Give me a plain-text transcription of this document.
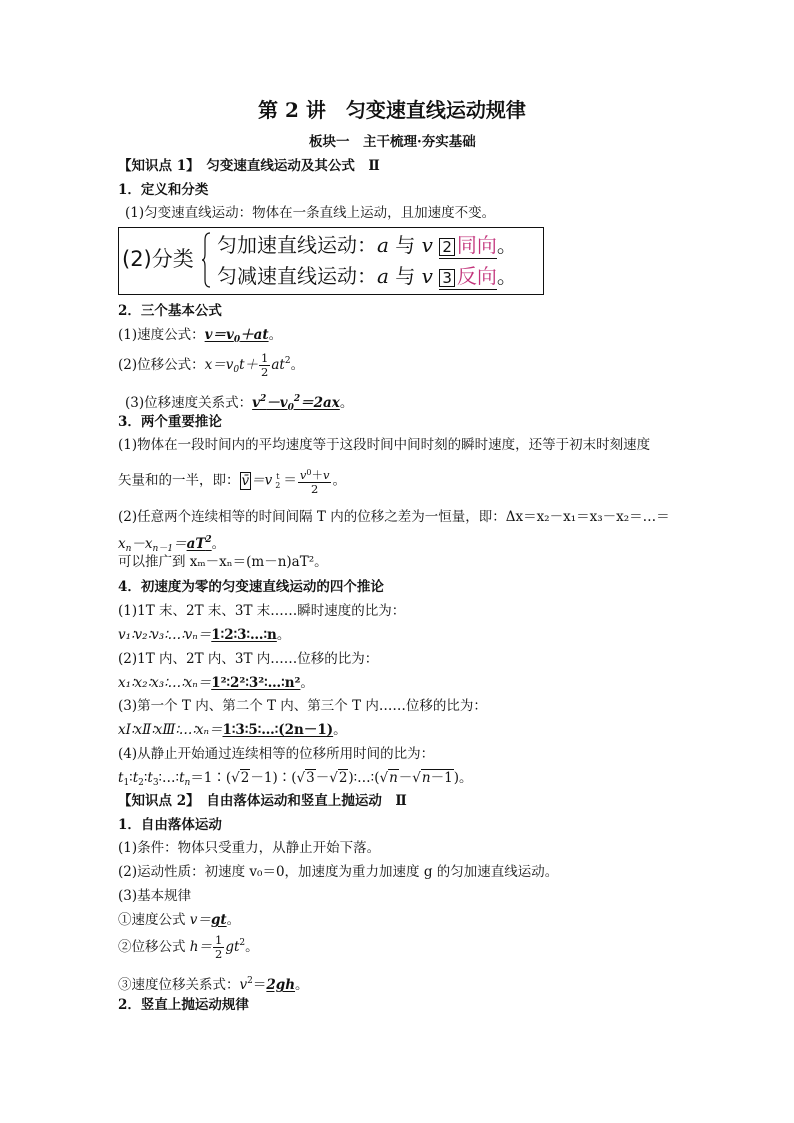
第 2 讲　匀变速直线运动规律
板块一　主干梳理·夯实基础
【知识点 1】　匀变速直线运动及其公式　Ⅱ
1．定义和分类
(1)匀变速直线运动：物体在一条直线上运动，且加速度不变。
(2)分类
匀加速直线运动：a 与 v 2 同向。
匀减速直线运动：a 与 v 3 反向。
2．三个基本公式
(1)速度公式：$v=v_0+at$。
(2)位移公式：$x=v_0t+ \frac{1}{2} at^2$。
(3)位移速度关系式：$v^2-v_0^2=2ax$。
3．两个重要推论
(1)物体在一段时间内的平均速度等于这段时间中间时刻的瞬时速度，还等于初末时刻速度
矢量和的一半，即： v̄ ＝v t
$2 = \frac{v^0+v}{2}$ 。
(2)任意两个连续相等的时间间隔 T 内的位移之差为一恒量，即：Δx＝x₂－x₁＝x₃－x₂＝…＝
$x_n-x_{n-1}=aT^2$。
可以推广到 xₘ－xₙ＝(m－n)aT²。
4．初速度为零的匀变速直线运动的四个推论
(1)1T 末、2T 末、3T 末……瞬时速度的比为：
v₁∶v₂∶v₃∶…∶vₙ＝1∶2∶3∶…∶n。
(2)1T 内、2T 内、3T 内……位移的比为：
x₁∶x₂∶x₃∶…∶xₙ＝1²∶2²∶3²∶…∶n²。
(3)第一个 T 内、第二个 T 内、第三个 T 内……位移的比为：
xⅠ∶xⅡ∶xⅢ∶…∶xₙ＝1∶3∶5∶…∶(2n－1)。
(4)从静止开始通过连续相等的位移所用时间的比为：
$t_1∶t_2∶t_3∶\dots∶t_n=1∶(√2-1)∶(√3-√2)∶\dots∶(√n-√n-1)$。
【知识点 2】　自由落体运动和竖直上抛运动　Ⅱ
1．自由落体运动
(1)条件：物体只受重力，从静止开始下落。
(2)运动性质：初速度 v₀＝0，加速度为重力加速度 g 的匀加速直线运动。
(3)基本规律
①速度公式 v＝gt。
②位移公式 $h= \frac{1}{2} gt^2$。
③速度位移关系式：$v^2=2gh$。
2．竖直上抛运动规律
